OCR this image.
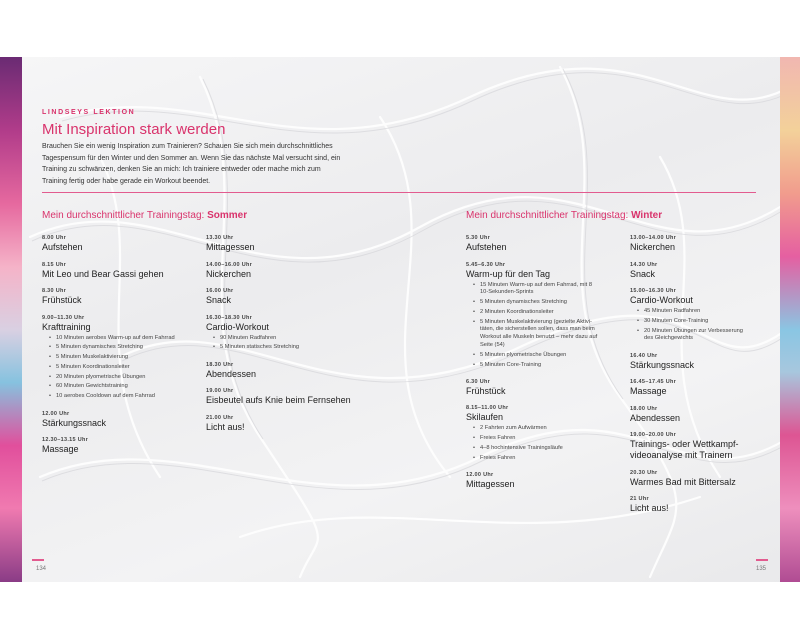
LINDSEYS LEKTION
Mit Inspiration stark werden
Brauchen Sie ein wenig Inspiration zum Trainieren? Schauen Sie sich mein durchschnittliches Tagespensum für den Winter und den Sommer an. Wenn Sie das nächste Mal versucht sind, ein Training zu schwänzen, denken Sie an mich: Ich trainiere entweder oder mache mich zum Training fertig oder habe gerade ein Workout beendet.
Mein durchschnittlicher Trainingstag: Sommer	Mein durchschnittlicher Trainingstag: Winter
8.00 Uhr
Aufstehen
8.15 Uhr
Mit Leo und Bear Gassi gehen
8.30 Uhr
Frühstück
9.00–11.30 Uhr
Krafttraining
• 10 Minuten aerobes Warm-up auf dem Fahrrad
• 5 Minuten dynamisches Stretching
• 5 Minuten Muskelaktivierung
• 5 Minuten Koordinationsleiter
• 20 Minuten plyometrische Übungen
• 60 Minuten Gewichtstraining
• 10 aerobes Cooldown auf dem Fahrrad
12.00 Uhr
Stärkungssnack
12.30–13.15 Uhr
Massage
13.30 Uhr
Mittagessen
14.00–16.00 Uhr
Nickerchen
16.00 Uhr
Snack
16.30–18.30 Uhr
Cardio-Workout
• 90 Minuten Radfahren
• 5 Minuten statisches Stretching
18.30 Uhr
Abendessen
19.00 Uhr
Eisbeutel aufs Knie beim Fernsehen
21.00 Uhr
Licht aus!
5.30 Uhr
Aufstehen
5.45–6.30 Uhr
Warm-up für den Tag
• 15 Minuten Warm-up auf dem Fahrrad, mit 8
10-Sekunden-Sprints
• 5 Minuten dynamisches Stretching
• 2 Minuten Koordinationsleiter
• 5 Minuten Muskelaktivierung (gezielte Aktivi-
täten, die sicherstellen sollen, dass man beim
Workout alle Muskeln benutzt – mehr dazu auf
Seite (54)
• 5 Minuten plyometrische Übungen
• 5 Minuten Core-Training
6.30 Uhr
Frühstück
8.15–11.00 Uhr
Skilaufen
• 2 Fahrten zum Aufwärmen
• Freies Fahren
• 4–8 hochintensive Trainingsläufe
• Freies Fahren
12.00 Uhr
Mittagessen
13.00–14.00 Uhr
Nickerchen
14.30 Uhr
Snack
15.00–16.30 Uhr
Cardio-Workout
• 45 Minuten Radfahren
• 30 Minuten Core-Training
• 20 Minuten Übungen zur Verbesserung
des Gleichgewichts
16.40 Uhr
Stärkungssnack
16.45–17.45 Uhr
Massage
18.00 Uhr
Abendessen
19.00–20.00 Uhr
Trainings- oder Wettkampf-
videoanalyse mit Trainern
20.30 Uhr
Warmes Bad mit Bittersalz
21 Uhr
Licht aus!
134	135
